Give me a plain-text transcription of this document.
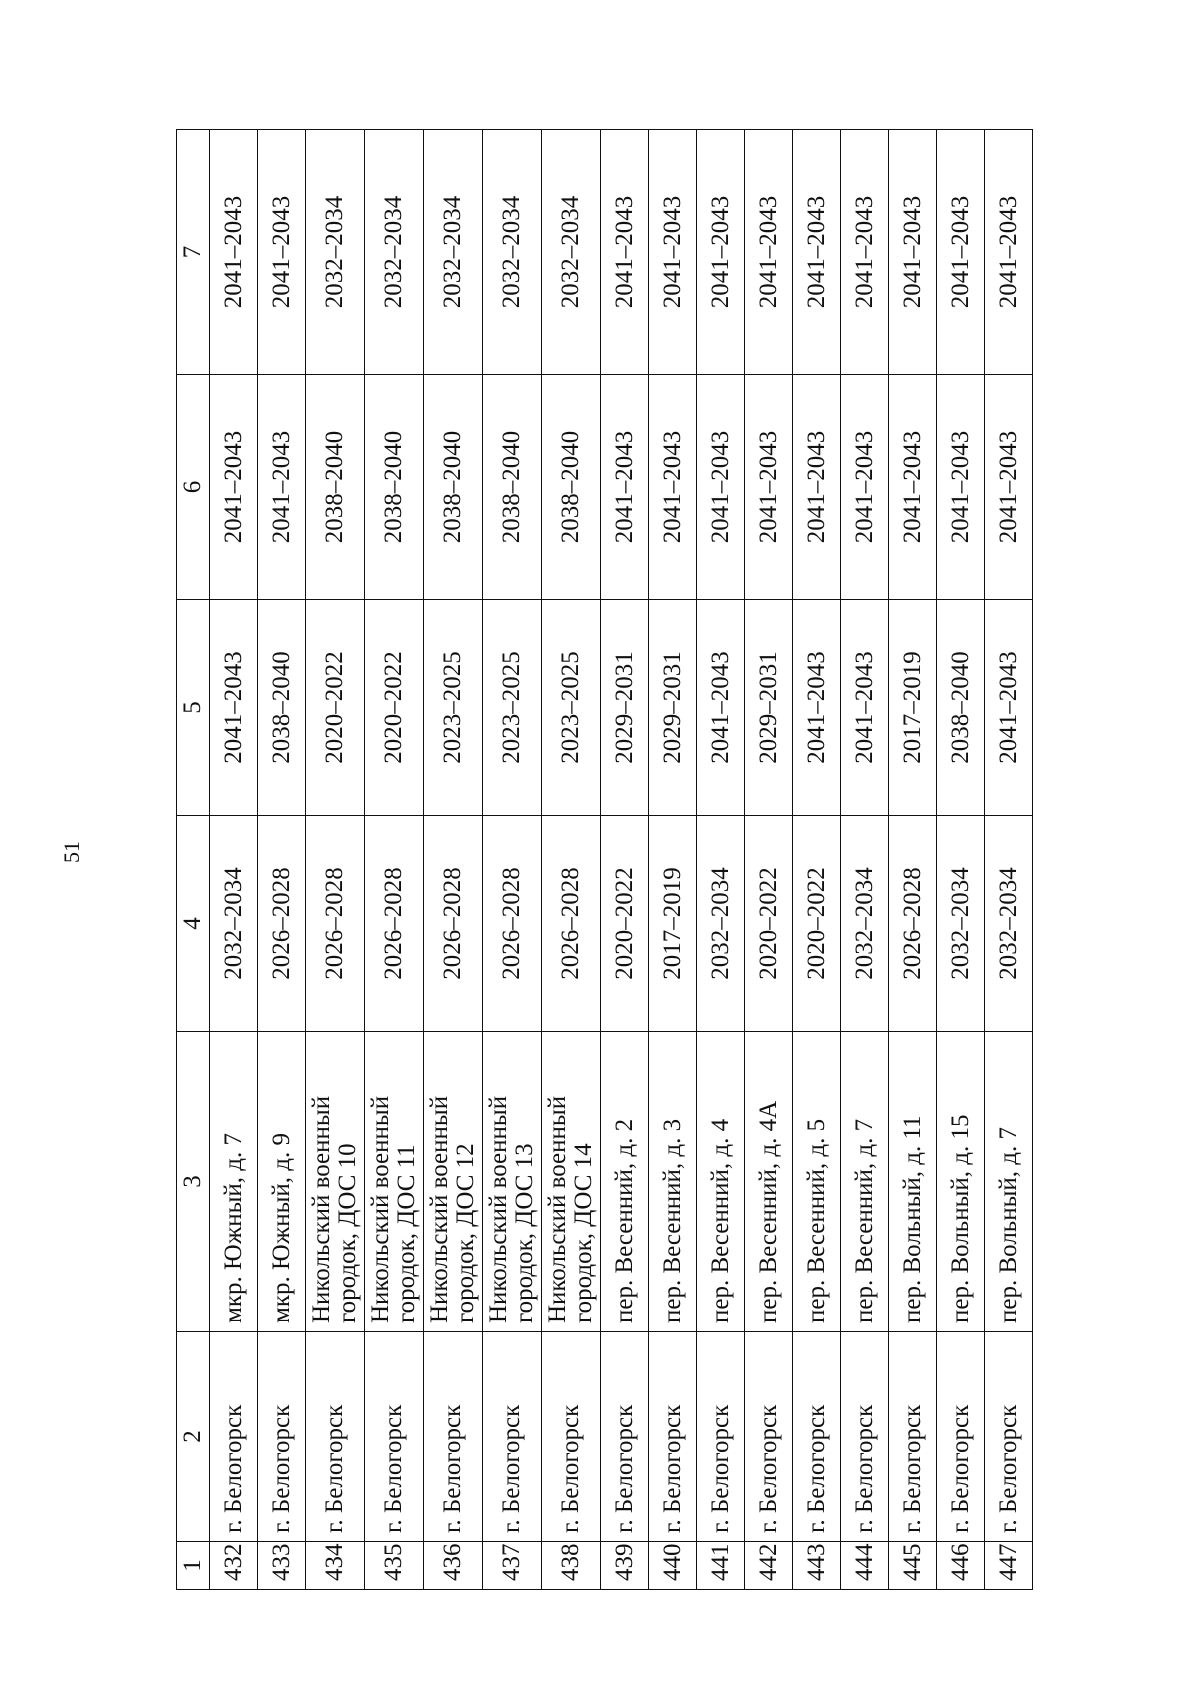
51
1	2	3	4	5	6	7
432	г. Белогорск	мкр. Южный, д. 7	2032–2034	2041–2043	2041–2043	2041–2043
433	г. Белогорск	мкр. Южный, д. 9	2026–2028	2038–2040	2041–2043	2041–2043
434	г. Белогорск	Никольский военный городок, ДОС 10	2026–2028	2020–2022	2038–2040	2032–2034
435	г. Белогорск	Никольский военный городок, ДОС 11	2026–2028	2020–2022	2038–2040	2032–2034
436	г. Белогорск	Никольский военный городок, ДОС 12	2026–2028	2023–2025	2038–2040	2032–2034
437	г. Белогорск	Никольский военный городок, ДОС 13	2026–2028	2023–2025	2038–2040	2032–2034
438	г. Белогорск	Никольский военный городок, ДОС 14	2026–2028	2023–2025	2038–2040	2032–2034
439	г. Белогорск	пер. Весенний, д. 2	2020–2022	2029–2031	2041–2043	2041–2043
440	г. Белогорск	пер. Весенний, д. 3	2017–2019	2029–2031	2041–2043	2041–2043
441	г. Белогорск	пер. Весенний, д. 4	2032–2034	2041–2043	2041–2043	2041–2043
442	г. Белогорск	пер. Весенний, д. 4А	2020–2022	2029–2031	2041–2043	2041–2043
443	г. Белогорск	пер. Весенний, д. 5	2020–2022	2041–2043	2041–2043	2041–2043
444	г. Белогорск	пер. Весенний, д. 7	2032–2034	2041–2043	2041–2043	2041–2043
445	г. Белогорск	пер. Вольный, д. 11	2026–2028	2017–2019	2041–2043	2041–2043
446	г. Белогорск	пер. Вольный, д. 15	2032–2034	2038–2040	2041–2043	2041–2043
447	г. Белогорск	пер. Вольный, д. 7	2032–2034	2041–2043	2041–2043	2041–2043
